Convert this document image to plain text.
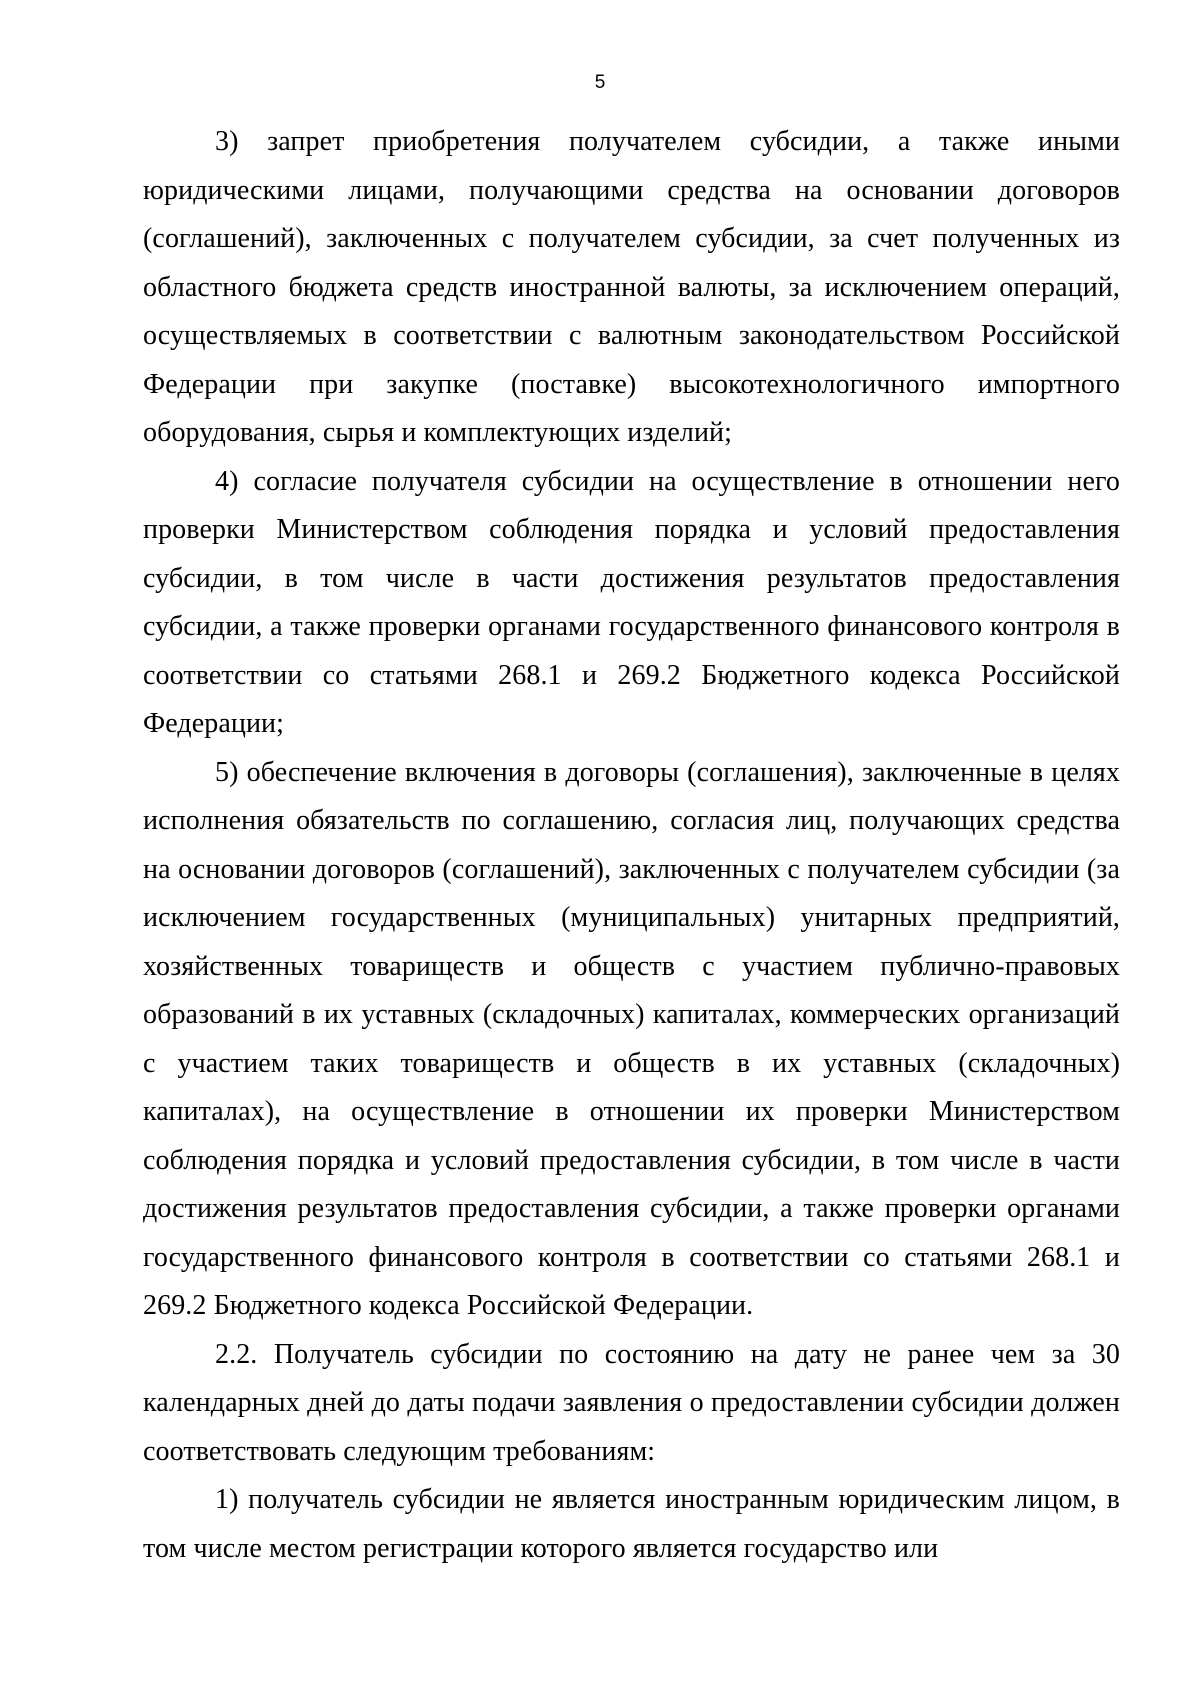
5

3) запрет приобретения получателем субсидии, а также иными юридическими лицами, получающими средства на основании договоров (соглашений), заключенных с получателем субсидии, за счет полученных из областного бюджета средств иностранной валюты, за исключением операций, осуществляемых в соответствии с валютным законодательством Российской Федерации при закупке (поставке) высокотехнологичного импортного оборудования, сырья и комплектующих изделий;

4) согласие получателя субсидии на осуществление в отношении него проверки Министерством соблюдения порядка и условий предоставления субсидии, в том числе в части достижения результатов предоставления субсидии, а также проверки органами государственного финансового контроля в соответствии со статьями 268.1 и 269.2 Бюджетного кодекса Российской Федерации;

5) обеспечение включения в договоры (соглашения), заключенные в целях исполнения обязательств по соглашению, согласия лиц, получающих средства на основании договоров (соглашений), заключенных с получателем субсидии (за исключением государственных (муниципальных) унитарных предприятий, хозяйственных товариществ и обществ с участием публично-правовых образований в их уставных (складочных) капиталах, коммерческих организаций с участием таких товариществ и обществ в их уставных (складочных) капиталах), на осуществление в отношении их проверки Министерством соблюдения порядка и условий предоставления субсидии, в том числе в части достижения результатов предоставления субсидии, а также проверки органами государственного финансового контроля в соответствии со статьями 268.1 и 269.2 Бюджетного кодекса Российской Федерации.

2.2. Получатель субсидии по состоянию на дату не ранее чем за 30 календарных дней до даты подачи заявления о предоставлении субсидии должен соответствовать следующим требованиям:

1) получатель субсидии не является иностранным юридическим лицом, в том числе местом регистрации которого является государство или
